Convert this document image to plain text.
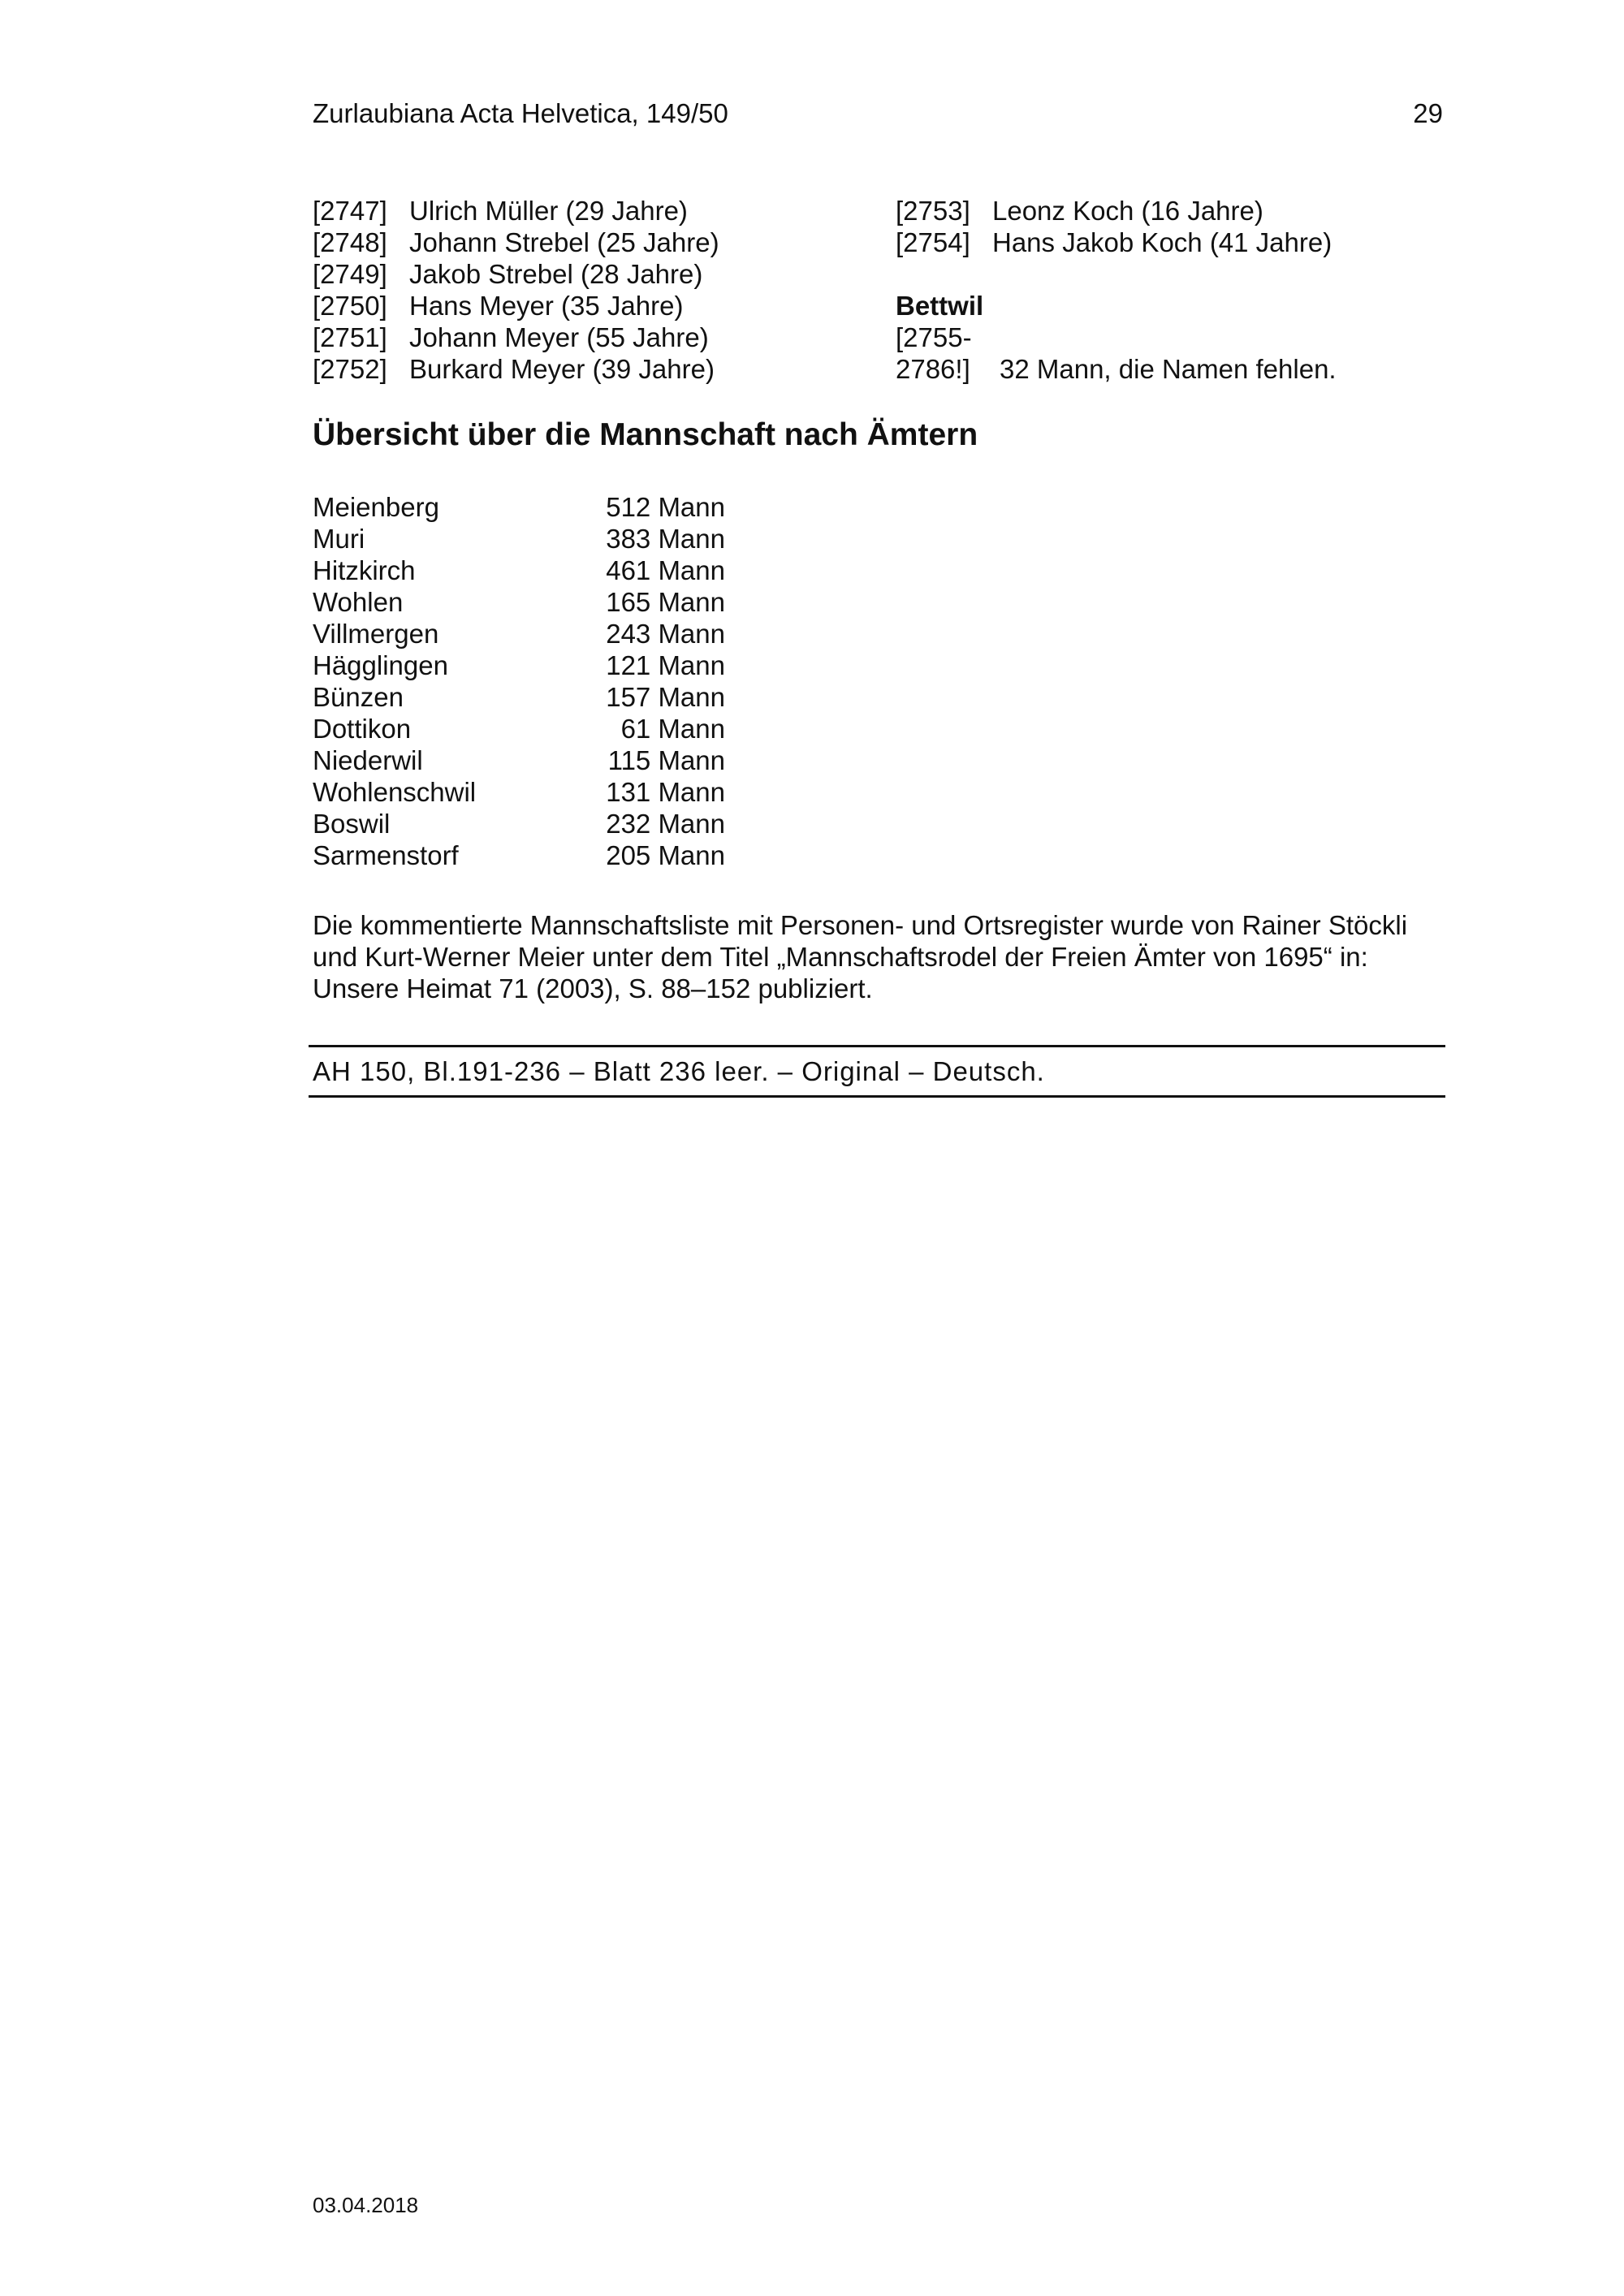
Zurlaubiana Acta Helvetica, 149/50	29
[2747] Ulrich Müller (29 Jahre)
[2748] Johann Strebel (25 Jahre)
[2749] Jakob Strebel (28 Jahre)
[2750] Hans Meyer (35 Jahre)
[2751] Johann Meyer (55 Jahre)
[2752] Burkard Meyer (39 Jahre)
[2753] Leonz Koch (16 Jahre)
[2754] Hans Jakob Koch (41 Jahre)
Bettwil
[2755-
2786!]	32 Mann, die Namen fehlen.
Übersicht über die Mannschaft nach Ämtern
Meienberg	512 Mann
Muri	383 Mann
Hitzkirch	461 Mann
Wohlen	165 Mann
Villmergen	243 Mann
Hägglingen	121 Mann
Bünzen	157 Mann
Dottikon	61 Mann
Niederwil	115 Mann
Wohlenschwil	131 Mann
Boswil	232 Mann
Sarmenstorf	205 Mann

Die kommentierte Mannschaftsliste mit Personen- und Ortsregister wurde von Rainer Stöckli

und Kurt-Werner Meier unter dem Titel „Mannschaftsrodel der Freien Ämter von 1695“ in:

Unsere Heimat 71 (2003), S. 88–152 publiziert.

AH 150, Bl.191-236 – Blatt 236 leer. – Original – Deutsch.
03.04.2018
